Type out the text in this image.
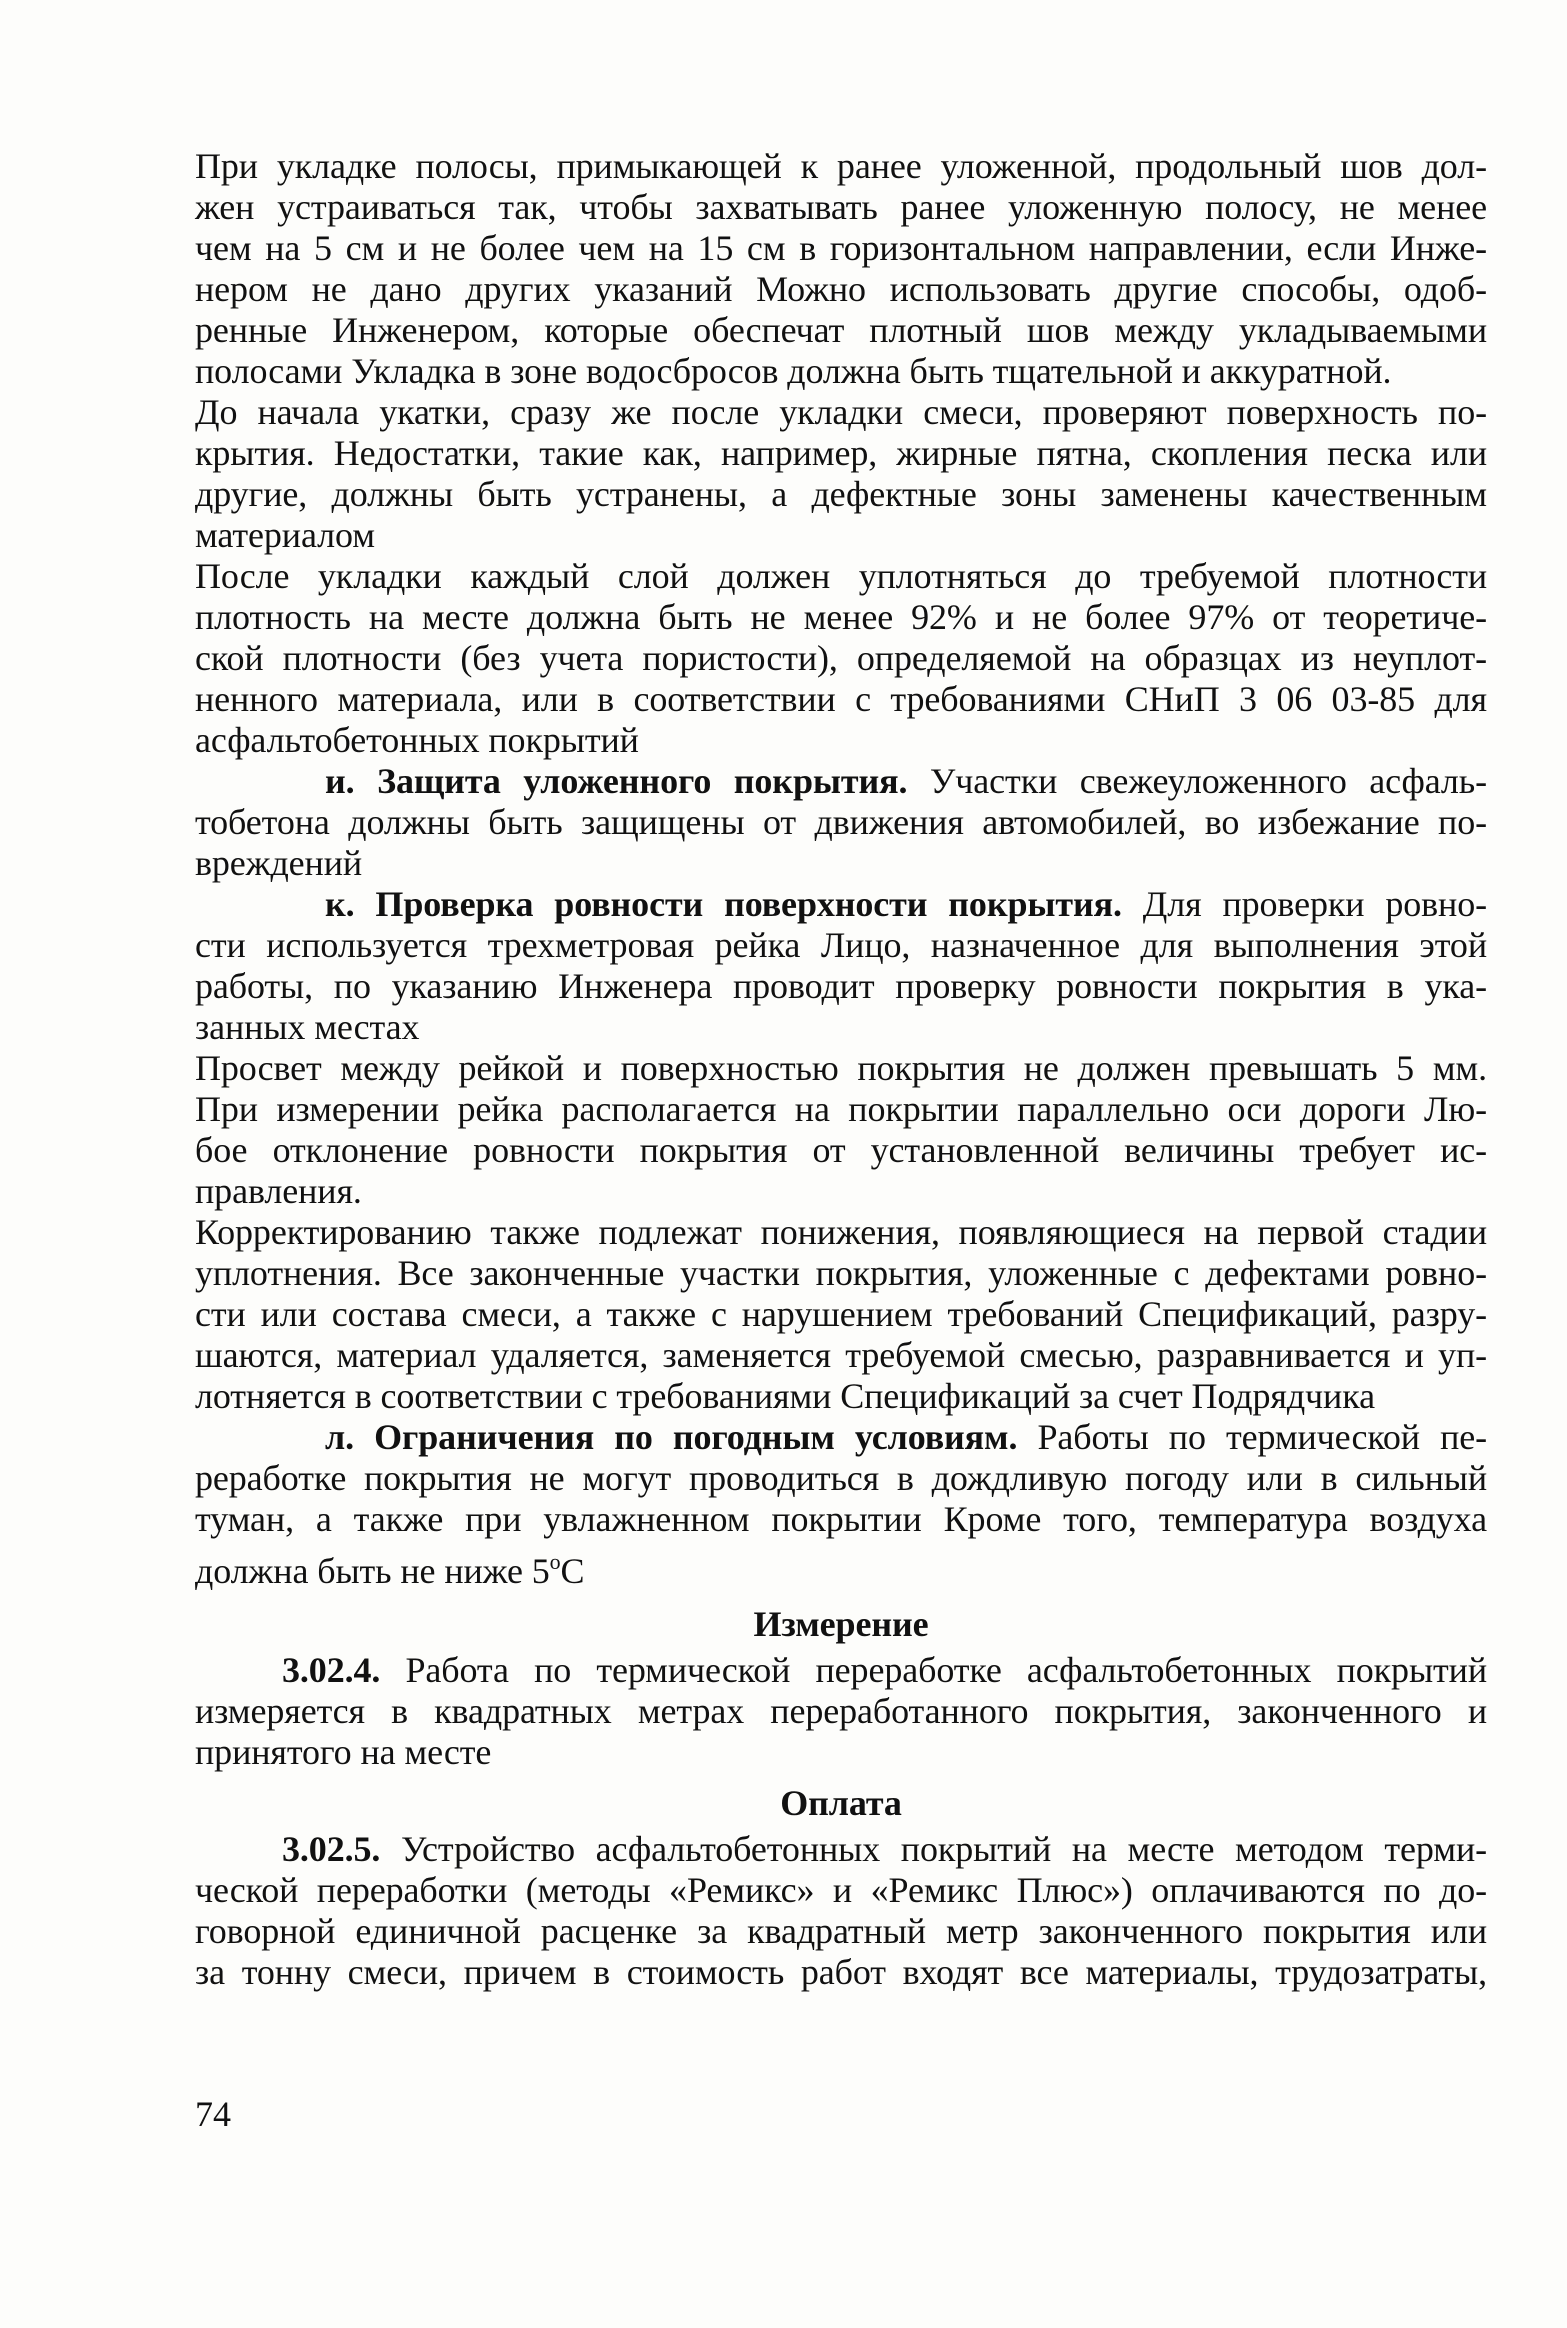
При укладке полосы, примыкающей к ранее уложенной, продольный шов дол-
жен устраиваться так, чтобы захватывать ранее уложенную полосу, не менее
чем на 5 см и не более чем на 15 см в горизонтальном направлении, если Инже-
нером не дано других указаний Можно использовать другие способы, одоб-
ренные Инженером, которые обеспечат плотный шов между укладываемыми
полосами Укладка в зоне водосбросов должна быть тщательной и аккуратной.
До начала укатки, сразу же после укладки смеси, проверяют поверхность по-
крытия. Недостатки, такие как, например, жирные пятна, скопления песка или
другие, должны быть устранены, а дефектные зоны заменены качественным
материалом
После укладки каждый слой должен уплотняться до требуемой плотности
плотность на месте должна быть не менее 92% и не более 97% от теоретиче-
ской плотности (без учета пористости), определяемой на образцах из неуплот-
ненного материала, или в соответствии с требованиями СНиП 3 06 03-85 для
асфальтобетонных покрытий
и. Защита уложенного покрытия. Участки свежеуложенного асфаль-
тобетона должны быть защищены от движения автомобилей, во избежание по-
вреждений
к. Проверка ровности поверхности покрытия. Для проверки ровно-
сти используется трехметровая рейка Лицо, назначенное для выполнения этой
работы, по указанию Инженера проводит проверку ровности покрытия в ука-
занных местах
Просвет между рейкой и поверхностью покрытия не должен превышать 5 мм.
При измерении рейка располагается на покрытии параллельно оси дороги Лю-
бое отклонение ровности покрытия от установленной величины требует ис-
правления.
Корректированию также подлежат понижения, появляющиеся на первой стадии
уплотнения. Все законченные участки покрытия, уложенные с дефектами ровно-
сти или состава смеси, а также с нарушением требований Спецификаций, разру-
шаются, материал удаляется, заменяется требуемой смесью, разравнивается и уп-
лотняется в соответствии с требованиями Спецификаций за счет Подрядчика
л. Ограничения по погодным условиям. Работы по термической пе-
реработке покрытия не могут проводиться в дождливую погоду или в сильный
туман, а также при увлажненном покрытии Кроме того, температура воздуха
должна быть не ниже 5$^o$C
Измерение
3.02.4. Работа по термической переработке асфальтобетонных покрытий
измеряется в квадратных метрах переработанного покрытия, законченного и
принятого на месте
Оплата
3.02.5. Устройство асфальтобетонных покрытий на месте методом терми-
ческой переработки (методы «Ремикс» и «Ремикс Плюс») оплачиваются по до-
говорной единичной расценке за квадратный метр законченного покрытия или
за тонну смеси, причем в стоимость работ входят все материалы, трудозатраты,
74
